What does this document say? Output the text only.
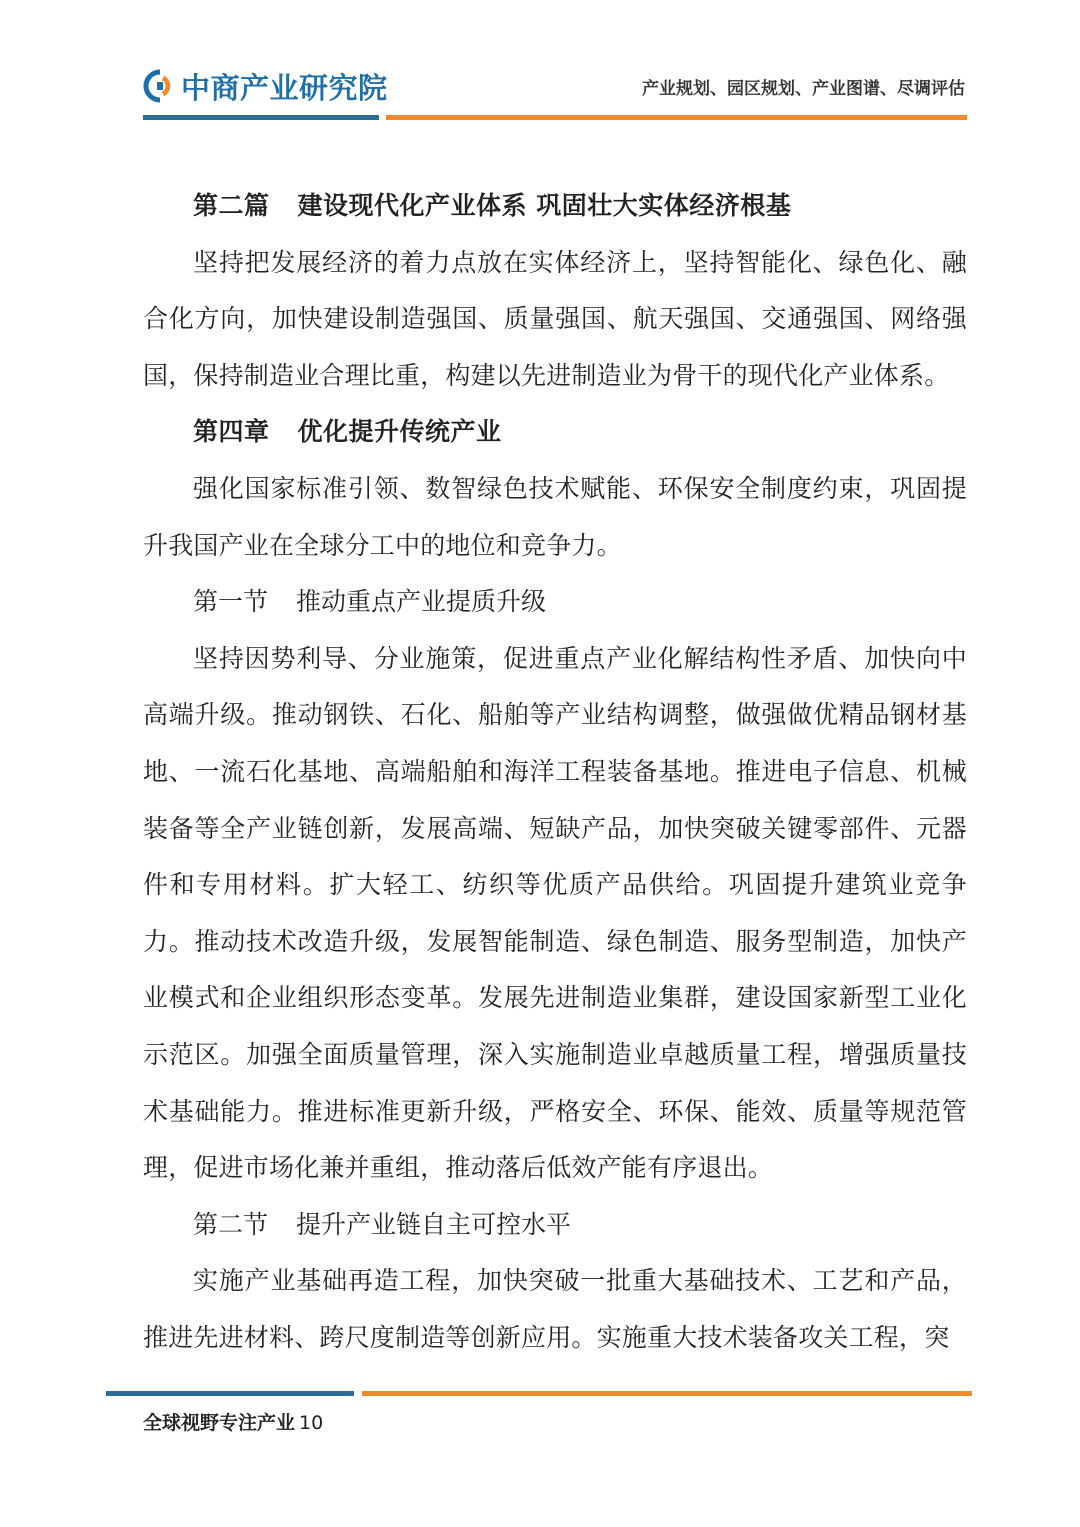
中商产业研究院	产业规划、园区规划、产业图谱、尽调评估
第二篇 建设现代化产业体系 巩固壮大实体经济根基

坚持把发展经济的着力点放在实体经济上，坚持智能化、绿色化、融合化方向，加快建设制造强国、质量强国、航天强国、交通强国、网络强国，保持制造业合理比重，构建以先进制造业为骨干的现代化产业体系。

第四章 优化提升传统产业

强化国家标准引领、数智绿色技术赋能、环保安全制度约束，巩固提升我国产业在全球分工中的地位和竞争力。

第一节 推动重点产业提质升级

坚持因势利导、分业施策，促进重点产业化解结构性矛盾、加快向中高端升级。推动钢铁、石化、船舶等产业结构调整，做强做优精品钢材基地、一流石化基地、高端船舶和海洋工程装备基地。推进电子信息、机械装备等全产业链创新，发展高端、短缺产品，加快突破关键零部件、元器件和专用材料。扩大轻工、纺织等优质产品供给。巩固提升建筑业竞争力。推动技术改造升级，发展智能制造、绿色制造、服务型制造，加快产业模式和企业组织形态变革。发展先进制造业集群，建设国家新型工业化示范区。加强全面质量管理，深入实施制造业卓越质量工程，增强质量技术基础能力。推进标准更新升级，严格安全、环保、能效、质量等规范管理，促进市场化兼并重组，推动落后低效产能有序退出。

第二节 提升产业链自主可控水平

实施产业基础再造工程，加快突破一批重大基础技术、工艺和产品，推进先进材料、跨尺度制造等创新应用。实施重大技术装备攻关工程，突

全球视野专注产业 10
